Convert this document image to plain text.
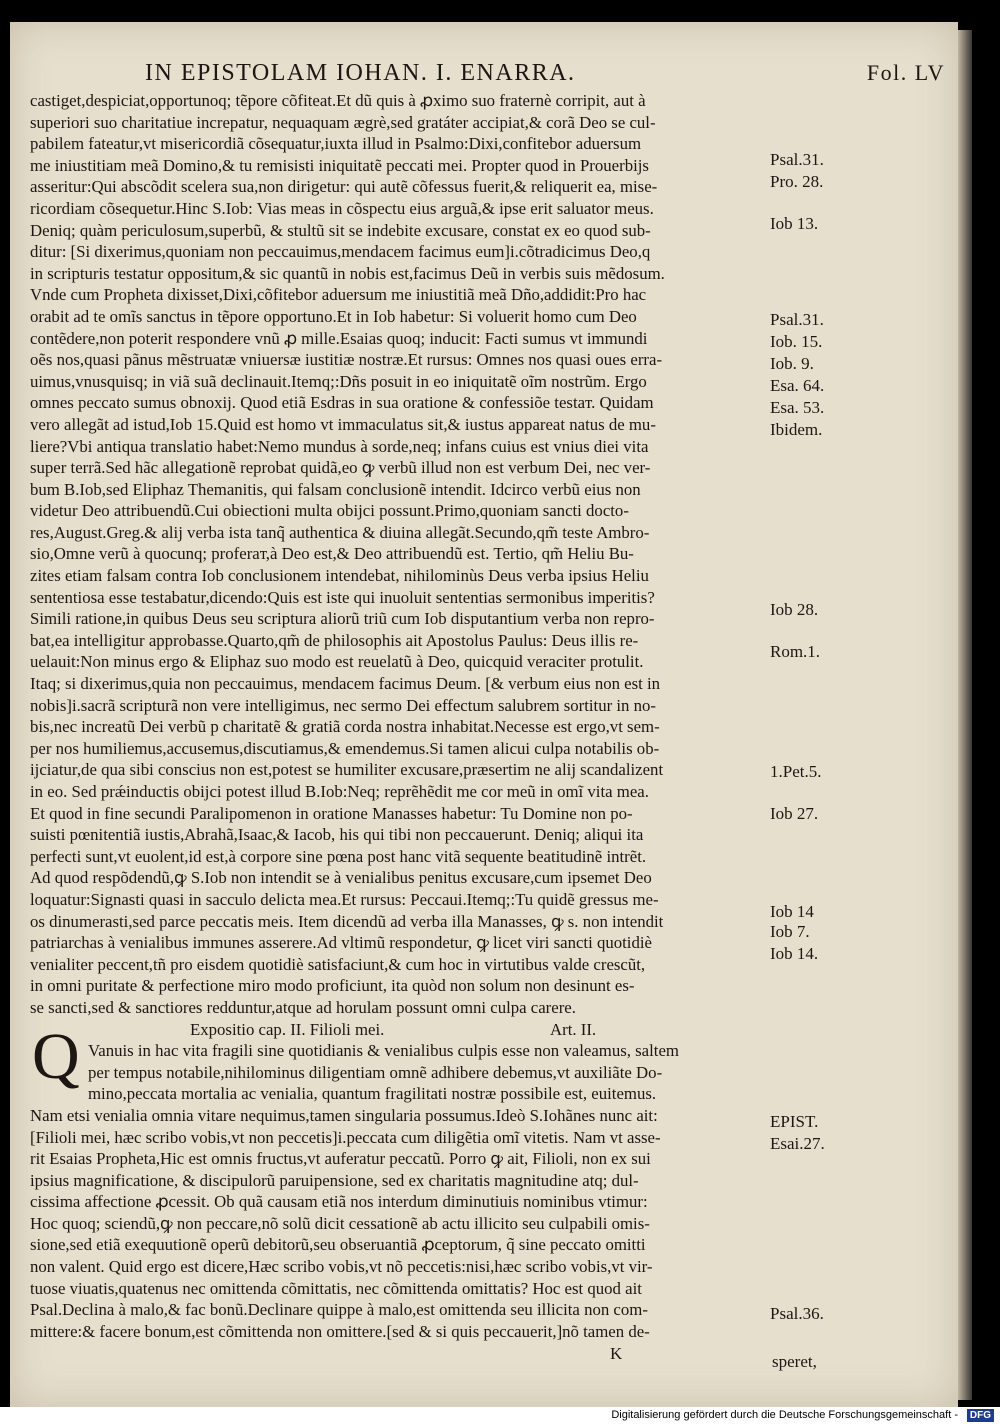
IN EPISTOLAM IOHAN. I. ENARRA.	Fol. LV
castiget,despiciat,opportunoq; tẽpore cõfiteat.Et dũ quis à ꝓximo suo fraternè corripit, aut à
superiori suo charitatiue increpatur, nequaquam ægrè,sed gratáter accipiat,& corã Deo se cul-
pabilem fateatur,vt misericordiã cõsequatur,iuxta illud in Psalmo:Dixi,confitebor aduersum
me iniustitiam meã Domino,& tu remisisti iniquitatẽ peccati mei. Propter quod in Prouerbijs
asseritur:Qui abscõdit scelera sua,non dirigetur: qui autẽ cõfessus fuerit,& reliquerit ea, mise-
ricordiam cõsequetur.Hinc S.Iob: Vias meas in cõspectu eius arguã,& ipse erit saluator meus.
Deniq; quàm periculosum,superbũ, & stultũ sit se indebite excusare, constat ex eo quod sub-
ditur: [Si dixerimus,quoniam non peccauimus,mendacem facimus eum]i.cõtradicimus Deo,q
in scripturis testatur oppositum,& sic quantũ in nobis est,facimus Deũ in verbis suis mẽdosum.
Vnde cum Propheta dixisset,Dixi,cõfitebor aduersum me iniustitiã meã Dño,addidit:Pro hac
orabit ad te omĩs sanctus in tẽpore opportuno.Et in Iob habetur: Si voluerit homo cum Deo
contẽdere,non poterit respondere vnũ ꝓ mille.Esaias quoq; inducit: Facti sumus vt immundi
oẽs nos,quasi pãnus mẽstruatæ vniuersæ iustitiæ nostræ.Et rursus: Omnes nos quasi oues erra-
uimus,vnusquisq; in viã suã declinauit.Itemq;:Dñs posuit in eo iniquitatẽ oĩm nostrũm. Ergo
omnes peccato sumus obnoxij. Quod etiã Esdras in sua oratione & confessiõe testaт. Quidam
vero allegãt ad istud,Iob 15.Quid est homo vt immaculatus sit,& iustus appareat natus de mu-
liere?Vbi antiqua translatio habet:Nemo mundus à sorde,neq; infans cuius est vnius diei vita
super terrã.Sed hãc allegationẽ reprobat quidã,eo ꝙ verbũ illud non est verbum Dei, nec ver-
bum B.Iob,sed Eliphaz Themanitis, qui falsam conclusionẽ intendit. Idcirco verbũ eius non
videtur Deo attribuendũ.Cui obiectioni multa obijci possunt.Primo,quoniam sancti docto-
res,August.Greg.& alij verba ista tanq̃ authentica & diuina allegãt.Secundo,qm̃ teste Ambro-
sio,Omne verũ à quocunq; proferaт,à Deo est,& Deo attribuendũ est. Tertio, qm̃ Heliu Bu-
zites etiam falsam contra Iob conclusionem intendebat, nihilominùs Deus verba ipsius Heliu
sententiosa esse testabatur,dicendo:Quis est iste qui inuoluit sententias sermonibus imperitis?
Simili ratione,in quibus Deus seu scriptura aliorũ triũ cum Iob disputantium verba non repro-
bat,ea intelligitur approbasse.Quarto,qm̃ de philosophis ait Apostolus Paulus: Deus illis re-
uelauit:Non minus ergo & Eliphaz suo modo est reuelatũ à Deo, quicquid veraciter protulit.
Itaq; si dixerimus,quia non peccauimus, mendacem facimus Deum. [& verbum eius non est in
nobis]i.sacrã scripturã non vere intelligimus, nec sermo Dei effectum salubrem sortitur in no-
bis,nec increatũ Dei verbũ p charitatẽ & gratiã corda nostra inhabitat.Necesse est ergo,vt sem-
per nos humiliemus,accusemus,discutiamus,& emendemus.Si tamen alicui culpa notabilis ob-
ijciatur,de qua sibi conscius non est,potest se humiliter excusare,præsertim ne alij scandalizent
in eo. Sed prǽinductis obijci potest illud B.Iob:Neq; reprẽhẽdit me cor meũ in omĩ vita mea.
Et quod in fine secundi Paralipomenon in oratione Manasses habetur: Tu Domine non po-
suisti pœnitentiã iustis,Abrahã,Isaac,& Iacob, his qui tibi non peccauerunt. Deniq; aliqui ita
perfecti sunt,vt euolent,id est,à corpore sine pœna post hanc vitã sequente beatitudinẽ intrẽt.
Ad quod respõdendũ,ꝙ S.Iob non intendit se à venialibus penitus excusare,cum ipsemet Deo
loquatur:Signasti quasi in sacculo delicta mea.Et rursus: Peccaui.Itemq;:Tu quidẽ gressus me-
os dinumerasti,sed parce peccatis meis. Item dicendũ ad verba illa Manasses, ꝙ s. non intendit
patriarchas à venialibus immunes asserere.Ad vltimũ respondetur, ꝙ licet viri sancti quotidiè
venialiter peccent,tñ pro eisdem quotidiè satisfaciunt,& cum hoc in virtutibus valde crescũt,
in omni puritate & perfectione miro modo proficiunt, ita quòd non solum non desinunt es-
se sancti,sed & sanctiores redduntur,atque ad horulam possunt omni culpa carere.
Expositio cap. II. Filioli mei.	Art. II.
Vanuis in hac vita fragili sine quotidianis & venialibus culpis esse non valeamus, saltem
per tempus notabile,nihilominus diligentiam omnẽ adhibere debemus,vt auxiliãte Do-
mino,peccata mortalia ac venialia, quantum fragilitati nostræ possibile est, euitemus.
Nam etsi venialia omnia vitare nequimus,tamen singularia possumus.Ideò S.Iohãnes nunc ait:
[Filioli mei, hæc scribo vobis,vt non peccetis]i.peccata cum diligẽtia omĩ vitetis. Nam vt asse-
rit Esaias Propheta,Hic est omnis fructus,vt auferatur peccatũ. Porro ꝙ ait, Filioli, non ex sui
ipsius magnificatione, & discipulorũ paruipensione, sed ex charitatis magnitudine atq; dul-
cissima affectione ꝓcessit. Ob quã causam etiã nos interdum diminutiuis nominibus vtimur:
Hoc quoq; sciendũ,ꝙ non peccare,nõ solũ dicit cessationẽ ab actu illicito seu culpabili omis-
sione,sed etiã exequutionẽ operũ debitorũ,seu obseruantiã ꝓceptorum, q̃ sine peccato omitti
non valent. Quid ergo est dicere,Hæc scribo vobis,vt nõ peccetis:nisi,hæc scribo vobis,vt vir-
tuose viuatis,quatenus nec omittenda cõmittatis, nec cõmittenda omittatis? Hoc est quod ait
Psal.Declina à malo,& fac bonũ.Declinare quippe à malo,est omittenda seu illicita non com-
mittere:& facere bonum,est cõmittenda non omittere.[sed & si quis peccauerit,]nõ tamen de-
Q
Psal.31.
Pro. 28.
Iob 13.
Psal.31.
Iob. 15.
Iob. 9.
Esa. 64.
Esa. 53.
Ibidem.
Iob 28.
Rom.1.
1.Pet.5.
Iob 27.
Iob 14
Iob 7.
Iob 14.
EPIST.
Esai.27.
Psal.36.
K	speret,
Digitalisierung gefördert durch die Deutsche Forschungsgemeinschaft -	DFG
